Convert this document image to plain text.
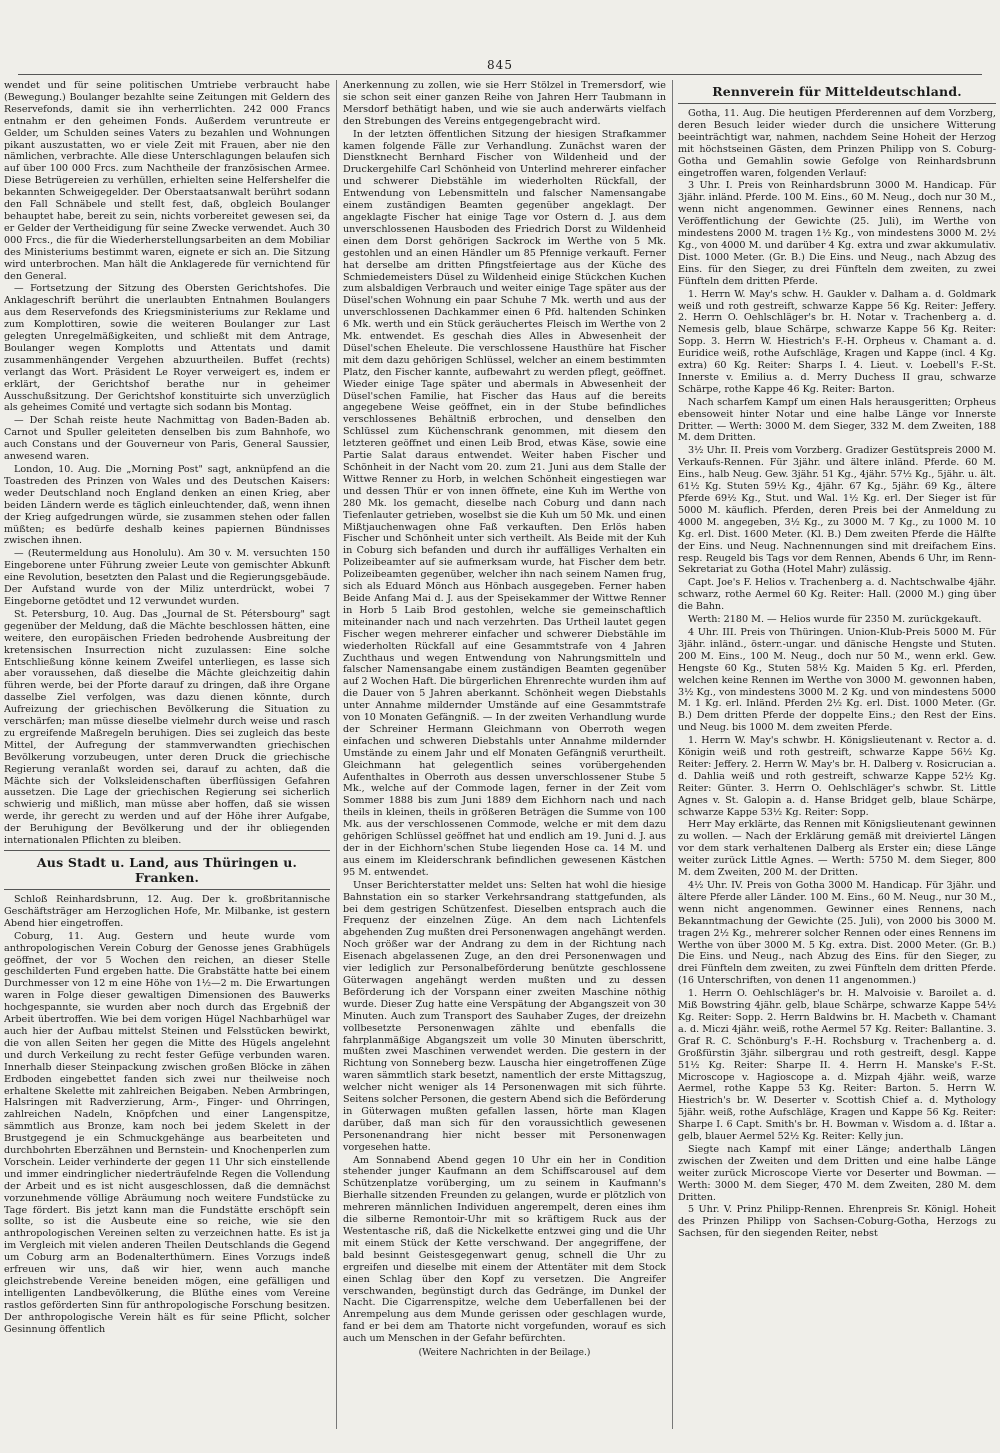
845

wendet und für seine politischen Umtriebe verbraucht habe (Bewegung.) Boulanger bezahlte seine Zeitungen mit Geldern des Reservefonds, damit sie ihn verherrlichten. 242 000 Francs entnahm er den geheimen Fonds. Außerdem veruntreute er Gelder, um Schulden seines Vaters zu bezahlen und Wohnungen pikant auszustatten, wo er viele Zeit mit Frauen, aber nie den nämlichen, verbrachte. Alle diese Unterschlagungen belaufen sich auf über 100 000 Frcs. zum Nachtheile der französischen Armee. Diese Betrügereien zu verhüllen, erhielten seine Helfershelfer die bekannten Schweigegelder. Der Oberstaatsanwalt berührt sodann den Fall Schnäbele und stellt fest, daß, obgleich Boulanger behauptet habe, bereit zu sein, nichts vorbereitet gewesen sei, da er Gelder der Vertheidigung für seine Zwecke verwendet. Auch 30 000 Frcs., die für die Wiederherstellungsarbeiten an dem Mobiliar des Ministeriums bestimmt waren, eignete er sich an. Die Sitzung wird unterbrochen. Man hält die Anklagerede für vernichtend für den General.

— Fortsetzung der Sitzung des Obersten Gerichtshofes. Die Anklageschrift berührt die unerlaubten Entnahmen Boulangers aus dem Reservefonds des Kriegsministeriums zur Reklame und zum Komplottiren, sowie die weiteren Boulanger zur Last gelegten Unregelmäßigkeiten, und schließt mit dem Antrage, Boulanger wegen Komplotts und Attentats und damit zusammenhängender Vergehen abzuurtheilen. Buffet (rechts) verlangt das Wort. Präsident Le Royer verweigert es, indem er erklärt, der Gerichtshof berathe nur in geheimer Ausschußsitzung. Der Gerichtshof konstituirte sich unverzüglich als geheimes Comité und vertagte sich sodann bis Montag.

— Der Schah reiste heute Nachmittag von Baden-Baden ab. Carnot und Spuller geleiteten denselben bis zum Bahnhofe, wo auch Constans und der Gouverneur von Paris, General Saussier, anwesend waren.

London, 10. Aug. Die „Morning Post" sagt, anknüpfend an die Toastreden des Prinzen von Wales und des Deutschen Kaisers: weder Deutschland noch England denken an einen Krieg, aber beiden Ländern werde es täglich einleuchtender, daß, wenn ihnen der Krieg aufgedrungen würde, sie zusammen stehen oder fallen müßten; es bedürfe deshalb keines papiernen Bündnisses zwischen ihnen.

— (Reutermeldung aus Honolulu). Am 30 v. M. versuchten 150 Eingeborene unter Führung zweier Leute von gemischter Abkunft eine Revolution, besetzten den Palast und die Regierungsgebäude. Der Aufstand wurde von der Miliz unterdrückt, wobei 7 Eingeborne getödtet und 12 verwundet wurden.

St. Petersburg, 10. Aug. Das „Journal de St. Pétersbourg" sagt gegenüber der Meldung, daß die Mächte beschlossen hätten, eine weitere, den europäischen Frieden bedrohende Ausbreitung der kretensischen Insurrection nicht zuzulassen: Eine solche Entschließung könne keinem Zweifel unterliegen, es lasse sich aber voraussehen, daß dieselbe die Mächte gleichzeitig dahin führen werde, bei der Pforte darauf zu dringen, daß ihre Organe dasselbe Ziel verfolgen, was dazu dienen könnte, durch Aufreizung der griechischen Bevölkerung die Situation zu verschärfen; man müsse dieselbe vielmehr durch weise und rasch zu ergreifende Maßregeln beruhigen. Dies sei zugleich das beste Mittel, der Aufregung der stammverwandten griechischen Bevölkerung vorzubeugen, unter deren Druck die griechische Regierung veranlaßt worden sei, darauf zu achten, daß die Mächte sich der Volksleidenschaften überflüssigen Gefahren aussetzen. Die Lage der griechischen Regierung sei sicherlich schwierig und mißlich, man müsse aber hoffen, daß sie wissen werde, ihr gerecht zu werden und auf der Höhe ihrer Aufgabe, der Beruhigung der Bevölkerung und der ihr obliegenden internationalen Pflichten zu bleiben.

Aus Stadt u. Land, aus Thüringen u. Franken.

Schloß Reinhardsbrunn, 12. Aug. Der k. großbritannische Geschäftsträger am Herzoglichen Hofe, Mr. Milbanke, ist gestern Abend hier eingetroffen.

Coburg, 11. Aug. Gestern und heute wurde vom anthropologischen Verein Coburg der Genosse jenes Grabhügels geöffnet, der vor 5 Wochen den reichen, an dieser Stelle geschilderten Fund ergeben hatte. Die Grabstätte hatte bei einem Durchmesser von 12 m eine Höhe von 1½—2 m. Die Erwartungen waren in Folge dieser gewaltigen Dimensionen des Bauwerks hochgespannte, sie wurden aber noch durch das Ergebniß der Arbeit übertroffen. Wie bei dem vorigen Hügel Nachbarhügel war auch hier der Aufbau mittelst Steinen und Felsstücken bewirkt, die von allen Seiten her gegen die Mitte des Hügels angelehnt und durch Verkeilung zu recht fester Gefüge verbunden waren. Innerhalb dieser Steinpackung zwischen großen Blöcke in zähen Erdboden eingebettet fanden sich zwei nur theilweise noch erhaltene Skelette mit zahlreichen Beigaben. Neben Armbringen, Halsringen mit Radverzierung, Arm-, Finger- und Ohrringen, zahlreichen Nadeln, Knöpfchen und einer Langenspitze, sämmtlich aus Bronze, kam noch bei jedem Skelett in der Brustgegend je ein Schmuckgehänge aus bearbeiteten und durchbohrten Eberzähnen und Bernstein- und Knochenperlen zum Vorschein. Leider verhinderte der gegen 11 Uhr sich einstellende und immer eindringlicher niederträufelnde Regen die Vollendung der Arbeit und es ist nicht ausgeschlossen, daß die demnächst vorzunehmende völlige Abräumung noch weitere Fundstücke zu Tage fördert. Bis jetzt kann man die Fundstätte erschöpft sein sollte, so ist die Ausbeute eine so reiche, wie sie den anthropologischen Vereinen selten zu verzeichnen hatte. Es ist ja im Vergleich mit vielen anderen Theilen Deutschlands die Gegend um Coburg arm an Bodenalterthümern. Eines Vorzugs indeß erfreuen wir uns, daß wir hier, wenn auch manche gleichstrebende Vereine beneiden mögen, eine gefälligen und intelligenten Landbevölkerung, die Blüthe eines vom Vereine rastlos geförderten Sinn für anthropologische Forschung besitzen. Der anthropologische Verein hält es für seine Pflicht, solcher Gesinnung öffentlich

Anerkennung zu zollen, wie sie Herr Stölzel in Tremersdorf, wie sie schon seit einer ganzen Reihe von Jahren Herr Taubmann in Mersdorf bethätigt haben, und wie sie auch anderwärts vielfach den Strebungen des Vereins entgegengebracht wird.

In der letzten öffentlichen Sitzung der hiesigen Strafkammer kamen folgende Fälle zur Verhandlung. Zunächst waren der Dienstknecht Bernhard Fischer von Wildenheid und der Druckergehilfe Carl Schönheid von Unterlind mehrerer einfacher und schwerer Diebstähle im wiederholten Rückfall, der Entwendung von Lebensmitteln und falscher Namensangabe einem zuständigen Beamten gegenüber angeklagt. Der angeklagte Fischer hat einige Tage vor Ostern d. J. aus dem unverschlossenen Hausboden des Friedrich Dorst zu Wildenheid einen dem Dorst gehörigen Sackrock im Werthe von 5 Mk. gestohlen und an einen Händler um 85 Pfennige verkauft. Ferner hat derselbe am dritten Pfingstfeiertage aus der Küche des Schmiedemeisters Düsel zu Wildenheid einige Stückchen Kuchen zum alsbaldigen Verbrauch und weiter einige Tage später aus der Düsel'schen Wohnung ein paar Schuhe 7 Mk. werth und aus der unverschlossenen Dachkammer einen 6 Pfd. haltenden Schinken 6 Mk. werth und ein Stück geräuchertes Fleisch im Werthe von 2 Mk. entwendet. Es geschah dies Alles in Abwesenheit der Düsel'schen Eheleute. Die verschlossene Hausthüre hat Fischer mit dem dazu gehörigen Schlüssel, welcher an einem bestimmten Platz, den Fischer kannte, aufbewahrt zu werden pflegt, geöffnet. Wieder einige Tage später und abermals in Abwesenheit der Düsel'schen Familie, hat Fischer das Haus auf die bereits angegebene Weise geöffnet, ein in der Stube befindliches verschlossenes Behältniß erbrochen, und denselben den Schlüssel zum Küchenschrank genommen, mit diesem den letzteren geöffnet und einen Leib Brod, etwas Käse, sowie eine Partie Salat daraus entwendet. Weiter haben Fischer und Schönheit in der Nacht vom 20. zum 21. Juni aus dem Stalle der Wittwe Renner zu Horb, in welchen Schönheit eingestiegen war und dessen Thür er von innen öffnete, eine Kuh im Werthe von 280 Mk. los gemacht, dieselbe nach Coburg und dann nach Tiefenlauter getrieben, woselbst sie die Kuh um 50 Mk. und einen Mißtjauchenwagen ohne Faß verkauften. Den Erlös haben Fischer und Schönheit unter sich vertheilt. Als Beide mit der Kuh in Coburg sich befanden und durch ihr auffälliges Verhalten ein Polizeibeamter auf sie aufmerksam wurde, hat Fischer dem betr. Polizeibeamten gegenüber, welcher ihn nach seinem Namen frug, sich als Eduard Mönch aus Hönbach ausgegeben. Ferner haben Beide Anfang Mai d. J. aus der Speisekammer der Wittwe Renner in Horb 5 Laib Brod gestohlen, welche sie gemeinschaftlich miteinander nach und nach verzehrten. Das Urtheil lautet gegen Fischer wegen mehrerer einfacher und schwerer Diebstähle im wiederholten Rückfall auf eine Gesammtstrafe von 4 Jahren Zuchthaus und wegen Entwendung von Nahrungsmitteln und falscher Namensangabe einem zuständigen Beamten gegenüber auf 2 Wochen Haft. Die bürgerlichen Ehrenrechte wurden ihm auf die Dauer von 5 Jahren aberkannt. Schönheit wegen Diebstahls unter Annahme mildernder Umstände auf eine Gesammtstrafe von 10 Monaten Gefängniß. — In der zweiten Verhandlung wurde der Schreiner Hermann Gleichmann von Oberroth wegen einfachen und schweren Diebstahls unter Annahme mildernder Umstände zu einem Jahr und elf Monaten Gefängniß verurtheilt. Gleichmann hat gelegentlich seines vorübergehenden Aufenthaltes in Oberroth aus dessen unverschlossener Stube 5 Mk., welche auf der Commode lagen, ferner in der Zeit vom Sommer 1888 bis zum Juni 1889 dem Eichhorn nach und nach theils in kleinen, theils in größeren Beträgen die Summe von 100 Mk. aus der verschlossenen Commode, welche er mit dem dazu gehörigen Schlüssel geöffnet hat und endlich am 19. Juni d. J. aus der in der Eichhorn'schen Stube liegenden Hose ca. 14 M. und aus einem im Kleiderschrank befindlichen gewesenen Kästchen 95 M. entwendet.

Unser Berichterstatter meldet uns: Selten hat wohl die hiesige Bahnstation ein so starker Verkehrsandrang stattgefunden, als bei dem gestrigen Schützenfest. Dieselben entsprach auch die Frequenz der einzelnen Züge. An dem nach Lichtenfels abgehenden Zug mußten drei Personenwagen angehängt werden. Noch größer war der Andrang zu dem in der Richtung nach Eisenach abgelassenen Zuge, an den drei Personenwagen und vier lediglich zur Personalbeförderung benützte geschlossene Güterwagen angehängt werden mußten und zu dessen Beförderung ich der Vorspann einer zweiten Maschine nöthig wurde. Dieser Zug hatte eine Verspätung der Abgangszeit von 30 Minuten. Auch zum Transport des Sauhaber Zuges, der dreizehn vollbesetzte Personenwagen zählte und ebenfalls die fahrplanmäßige Abgangszeit um volle 30 Minuten überschritt, mußten zwei Maschinen verwendet werden. Die gestern in der Richtung von Sonneberg bezw. Lauscha hier eingetroffenen Züge waren sämmtlich stark besetzt, namentlich der erste Mittagszug, welcher nicht weniger als 14 Personenwagen mit sich führte. Seitens solcher Personen, die gestern Abend sich die Beförderung in Güterwagen mußten gefallen lassen, hörte man Klagen darüber, daß man sich für den voraussichtlich gewesenen Personenandrang hier nicht besser mit Personenwagen vorgesehen hatte.

Am Sonnabend Abend gegen 10 Uhr ein her in Condition stehender junger Kaufmann an dem Schiffscarousel auf dem Schützenplatze vorüberging, um zu seinem in Kaufmann's Bierhalle sitzenden Freunden zu gelangen, wurde er plötzlich von mehreren männlichen Individuen angerempelt, deren eines ihm die silberne Remontoir-Uhr mit so kräftigem Ruck aus der Westentasche riß, daß die Nickelkette entzwei ging und die Uhr mit einem Stück der Kette verschwand. Der angegriffene, der bald besinnt Geistesgegenwart genug, schnell die Uhr zu ergreifen und dieselbe mit einem der Attentäter mit dem Stock einen Schlag über den Kopf zu versetzen. Die Angreifer verschwanden, begünstigt durch das Gedränge, im Dunkel der Nacht. Die Cigarrenspitze, welche dem Ueberfallenen bei der Anrempelung aus dem Munde gerissen oder geschlagen wurde, fand er bei dem am Thatorte nicht vorgefunden, worauf es sich auch um Menschen in der Gefahr befürchten.

(Weitere Nachrichten in der Beilage.)
Rennverein für Mitteldeutschland.

Gotha, 11. Aug. Die heutigen Pferderennen auf dem Vorzberg, deren Besuch leider wieder durch die unsichere Witterung beeinträchtigt war, nahmen, nachdem Seine Hoheit der Herzog mit höchstseinen Gästen, dem Prinzen Philipp von S. Coburg-Gotha und Gemahlin sowie Gefolge von Reinhardsbrunn eingetroffen waren, folgenden Verlauf:

3 Uhr. I. Preis von Reinhardsbrunn 3000 M. Handicap. Für 3jähr. inländ. Pferde. 100 M. Eins., 60 M. Neug., doch nur 30 M., wenn nicht angenommen. Gewinner eines Rennens, nach Veröffentlichung der Gewichte (25. Juli), im Werthe von mindestens 2000 M. tragen 1½ Kg., von mindestens 3000 M. 2½ Kg., von 4000 M. und darüber 4 Kg. extra und zwar akkumulativ. Dist. 1000 Meter. (Gr. B.) Die Eins. und Neug., nach Abzug des Eins. für den Sieger, zu drei Fünfteln dem zweiten, zu zwei Fünfteln dem dritten Pferde.

1. Herrn W. May's schw. H. Gaukler v. Dalham a. d. Goldmark weiß und roth gestreift, schwarze Kappe 56 Kg. Reiter: Jeffery. 2. Herrn O. Oehlschläger's br. H. Notar v. Trachenberg a. d. Nemesis gelb, blaue Schärpe, schwarze Kappe 56 Kg. Reiter: Sopp. 3. Herrn W. Hiestrich's F.-H. Orpheus v. Chamant a. d. Euridice weiß, rothe Aufschläge, Kragen und Kappe (incl. 4 Kg. extra) 60 Kg. Reiter: Sharps I. 4. Lieut. v. Loebell's F.-St. Innerste v. Emilius a. d. Merry Duchess II grau, schwarze Schärpe, rothe Kappe 46 Kg. Reiter: Barton.

Nach scharfem Kampf um einen Hals herausgeritten; Orpheus ebensoweit hinter Notar und eine halbe Länge vor Innerste Dritter. — Werth: 3000 M. dem Sieger, 332 M. dem Zweiten, 188 M. dem Dritten.

3½ Uhr. II. Preis vom Vorzberg. Gradizer Gestütspreis 2000 M. Verkaufs-Rennen. Für 3jähr. und ältere inländ. Pferde. 60 M. Eins., halb Neug. Gew. 3jähr. 51 Kg., 4jähr. 57½ Kg., 5jähr. u. ält. 61½ Kg. Stuten 59½ Kg., 4jähr. 67 Kg., 5jähr. 69 Kg., ältere Pferde 69½ Kg., Stut. und Wal. 1½ Kg. erl. Der Sieger ist für 5000 M. käuflich. Pferden, deren Preis bei der Anmeldung zu 4000 M. angegeben, 3½ Kg., zu 3000 M. 7 Kg., zu 1000 M. 10 Kg. erl. Dist. 1600 Meter. (Kl. B.) Dem zweiten Pferde die Hälfte der Eins. und Neug. Nachnennungen sind mit dreifachem Eins. resp. Reugeld bis Tags vor dem Rennen, Abends 6 Uhr, im Renn-Sekretariat zu Gotha (Hotel Mahr) zulässig.

Capt. Joe's F. Helios v. Trachenberg a. d. Nachtschwalbe 4jähr. schwarz, rothe Aermel 60 Kg. Reiter: Hall. (2000 M.) ging über die Bahn.

Werth: 2180 M. — Helios wurde für 2350 M. zurückgekauft.

4 Uhr. III. Preis von Thüringen. Union-Klub-Preis 5000 M. Für 3jähr. inländ., österr.-ungar. und dänische Hengste und Stuten. 200 M. Eins., 100 M. Neug., doch nur 50 M., wenn erkl. Gew. Hengste 60 Kg., Stuten 58½ Kg. Maiden 5 Kg. erl. Pferden, welchen keine Rennen im Werthe von 3000 M. gewonnen haben, 3½ Kg., von mindestens 3000 M. 2 Kg. und von mindestens 5000 M. 1 Kg. erl. Inländ. Pferden 2½ Kg. erl. Dist. 1000 Meter. (Gr. B.) Dem dritten Pferde der doppelte Eins.; den Rest der Eins. und Neug. bis 1000 M. dem zweiten Pferde.

1. Herrn W. May's schwbr. H. Königslieutenant v. Rector a. d. Königin weiß und roth gestreift, schwarze Kappe 56½ Kg. Reiter: Jeffery. 2. Herrn W. May's br. H. Dalberg v. Rosicrucian a. d. Dahlia weiß und roth gestreift, schwarze Kappe 52½ Kg. Reiter: Günter. 3. Herrn O. Oehlschläger's schwbr. St. Little Agnes v. St. Galopin a. d. Hanse Bridget gelb, blaue Schärpe, schwarze Kappe 53½ Kg. Reiter: Sopp.

Herr May erklärte, das Rennen mit Königslieutenant gewinnen zu wollen. — Nach der Erklärung gemäß mit dreiviertel Längen vor dem stark verhaltenen Dalberg als Erster ein; diese Länge weiter zurück Little Agnes. — Werth: 5750 M. dem Sieger, 800 M. dem Zweiten, 200 M. der Dritten.

4½ Uhr. IV. Preis von Gotha 3000 M. Handicap. Für 3jähr. und ältere Pferde aller Länder. 100 M. Eins., 60 M. Neug., nur 30 M., wenn nicht angenommen. Gewinner eines Rennens, nach Bekanntmachung der Gewichte (25. Juli), von 2000 bis 3000 M. tragen 2½ Kg., mehrerer solcher Rennen oder eines Rennens im Werthe von über 3000 M. 5 Kg. extra. Dist. 2000 Meter. (Gr. B.) Die Eins. und Neug., nach Abzug des Eins. für den Sieger, zu drei Fünfteln dem zweiten, zu zwei Fünfteln dem dritten Pferde. (16 Unterschriften, von denen 11 angenommen.)

1. Herrn O. Oehlschläger's br. H. Malvoisie v. Baroilet a. d. Miß Bowstring 4jähr. gelb, blaue Schärpe, schwarze Kappe 54½ Kg. Reiter: Sopp. 2. Herrn Baldwins br. H. Macbeth v. Chamant a. d. Miczi 4jähr. weiß, rothe Aermel 57 Kg. Reiter: Ballantine. 3. Graf R. C. Schönburg's F.-H. Rochsburg v. Trachenberg a. d. Großfürstin 3jähr. silbergrau und roth gestreift, desgl. Kappe 51½ Kg. Reiter: Sharpe II. 4. Herrn H. Manske's F.-St. Microscope v. Hagioscope a. d. Mizpah 4jähr. weiß, warze Aermel, rothe Kappe 53 Kg. Reiter: Barton. 5. Herrn W. Hiestrich's br. W. Deserter v. Scottish Chief a. d. Mythology 5jähr. weiß, rothe Aufschläge, Kragen und Kappe 56 Kg. Reiter: Sharpe I. 6 Capt. Smith's br. H. Bowman v. Wisdom a. d. Ißtar a. gelb, blauer Aermel 52½ Kg. Reiter: Kelly jun.

Siegte nach Kampf mit einer Länge; anderthalb Längen zwischen der Zweiten und dem Dritten und eine halbe Länge weiter zurück Microscope Vierte vor Deserter und Bowman. — Werth: 3000 M. dem Sieger, 470 M. dem Zweiten, 280 M. dem Dritten.

5 Uhr. V. Prinz Philipp-Rennen. Ehrenpreis Sr. Königl. Hoheit des Prinzen Philipp von Sachsen-Coburg-Gotha, Herzogs zu Sachsen, für den siegenden Reiter, nebst
